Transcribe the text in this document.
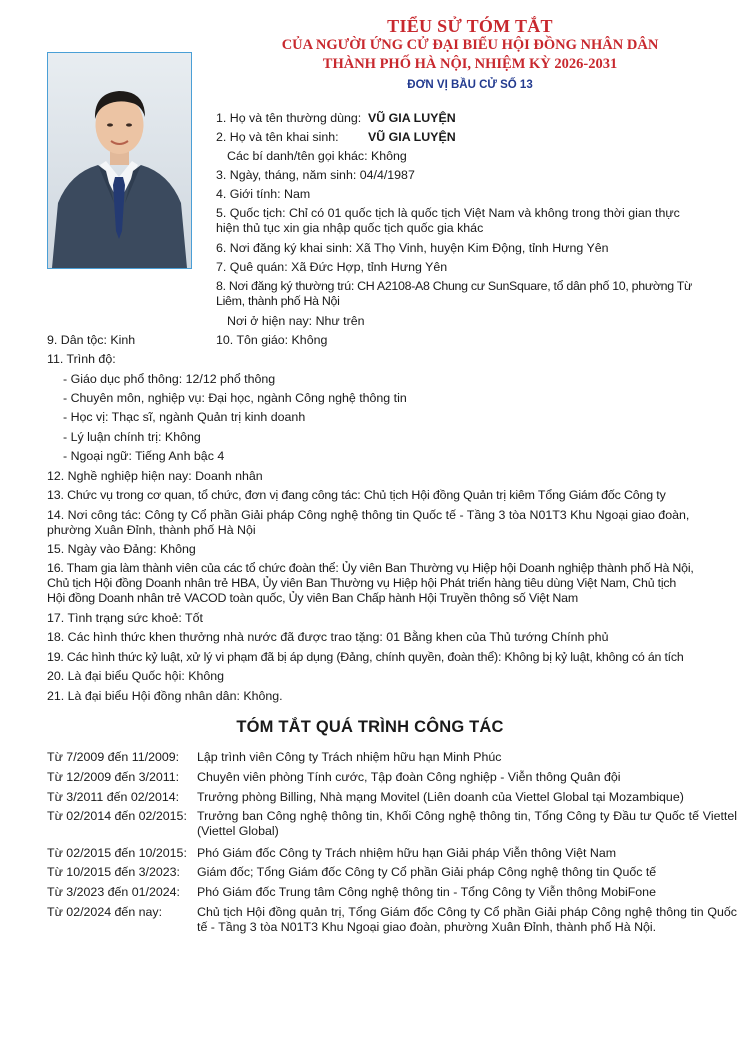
TIỂU SỬ TÓM TẮT
CỦA NGƯỜI ỨNG CỬ ĐẠI BIỂU HỘI ĐỒNG NHÂN DÂN
THÀNH PHỐ HÀ NỘI, NHIỆM KỲ 2026-2031
ĐƠN VỊ BẦU CỬ SỐ 13
1. Họ và tên thường dùng: VŨ GIA LUYỆN
2. Họ và tên khai sinh: VŨ GIA LUYỆN
Các bí danh/tên gọi khác: Không
3. Ngày, tháng, năm sinh: 04/4/1987
4. Giới tính: Nam
5. Quốc tịch: Chỉ có 01 quốc tịch là quốc tịch Việt Nam và không trong thời gian thực hiện thủ tục xin gia nhập quốc tịch quốc gia khác
6. Nơi đăng ký khai sinh: Xã Thọ Vinh, huyện Kim Động, tỉnh Hưng Yên
7. Quê quán: Xã Đức Hợp, tỉnh Hưng Yên
8. Nơi đăng ký thường trú: CH A2108-A8 Chung cư SunSquare, tổ dân phố 10, phường Từ Liêm, thành phố Hà Nội
Nơi ở hiện nay: Như trên
9. Dân tộc: Kinh	10. Tôn giáo: Không
11. Trình độ:
- Giáo dục phổ thông: 12/12 phổ thông
- Chuyên môn, nghiệp vụ: Đại học, ngành Công nghệ thông tin
- Học vị: Thạc sĩ, ngành Quản trị kinh doanh
- Lý luận chính trị: Không
- Ngoại ngữ: Tiếng Anh bậc 4
12. Nghề nghiệp hiện nay: Doanh nhân
13. Chức vụ trong cơ quan, tổ chức, đơn vị đang công tác: Chủ tịch Hội đồng Quản trị kiêm Tổng Giám đốc Công ty
14. Nơi công tác: Công ty Cổ phần Giải pháp Công nghệ thông tin Quốc tế - Tầng 3 tòa N01T3 Khu Ngoại giao đoàn, phường Xuân Đỉnh, thành phố Hà Nội
15. Ngày vào Đảng: Không
16. Tham gia làm thành viên của các tổ chức đoàn thể: Ủy viên Ban Thường vụ Hiệp hội Doanh nghiệp thành phố Hà Nội, Chủ tịch Hội đồng Doanh nhân trẻ HBA, Ủy viên Ban Thường vụ Hiệp hội Phát triển hàng tiêu dùng Việt Nam, Chủ tịch Hội đồng Doanh nhân trẻ VACOD toàn quốc, Ủy viên Ban Chấp hành Hội Truyền thông số Việt Nam
17. Tình trạng sức khoẻ: Tốt
18. Các hình thức khen thưởng nhà nước đã được trao tặng: 01 Bằng khen của Thủ tướng Chính phủ
19. Các hình thức kỷ luật, xử lý vi phạm đã bị áp dụng (Đảng, chính quyền, đoàn thể): Không bị kỷ luật, không có án tích
20. Là đại biểu Quốc hội: Không
21. Là đại biểu Hội đồng nhân dân: Không.
TÓM TẮT QUÁ TRÌNH CÔNG TÁC
Từ 7/2009 đến 11/2009:	Lập trình viên Công ty Trách nhiệm hữu hạn Minh Phúc
Từ 12/2009 đến 3/2011:	Chuyên viên phòng Tính cước, Tập đoàn Công nghiệp - Viễn thông Quân đội
Từ 3/2011 đến 02/2014:	Trưởng phòng Billing, Nhà mạng Movitel (Liên doanh của Viettel Global tại Mozambique)
Từ 02/2014 đến 02/2015: Trưởng ban Công nghệ thông tin, Khối Công nghệ thông tin, Tổng Công ty Đầu tư Quốc tế Viettel (Viettel Global)
Từ 02/2015 đến 10/2015: Phó Giám đốc Công ty Trách nhiệm hữu hạn Giải pháp Viễn thông Việt Nam
Từ 10/2015 đến 3/2023:	Giám đốc; Tổng Giám đốc Công ty Cổ phần Giải pháp Công nghệ thông tin Quốc tế
Từ 3/2023 đến 01/2024:	Phó Giám đốc Trung tâm Công nghệ thông tin - Tổng Công ty Viễn thông MobiFone
Từ 02/2024 đến nay:	Chủ tịch Hội đồng quản trị, Tổng Giám đốc Công ty Cổ phần Giải pháp Công nghệ thông tin Quốc tế - Tầng 3 tòa N01T3 Khu Ngoại giao đoàn, phường Xuân Đỉnh, thành phố Hà Nội.
